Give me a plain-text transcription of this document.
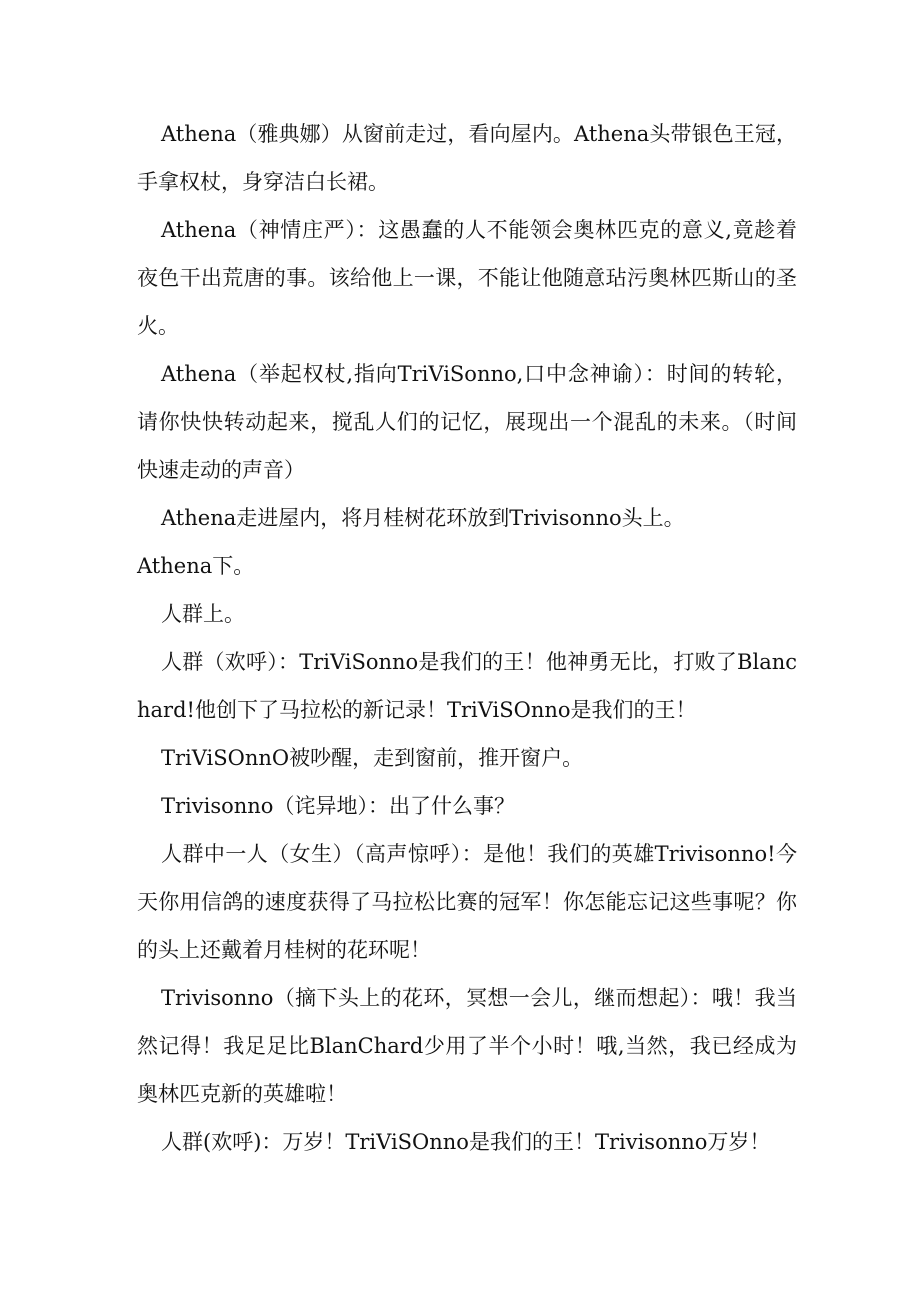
Athena（雅典娜）从窗前走过，看向屋内。Athena头带银色王冠，手拿权杖，身穿洁白长裙。

Athena（神情庄严）：这愚蠢的人不能领会奥林匹克的意义,竟趁着夜色干出荒唐的事。该给他上一课，不能让他随意玷污奥林匹斯山的圣火。

Athena（举起权杖,指向TriViSonno,口中念神谕）：时间的转轮，请你快快转动起来，搅乱人们的记忆，展现出一个混乱的未来。（时间快速走动的声音）

Athena走进屋内，将月桂树花环放到Trivisonno头上。

Athena下。

人群上。

人群（欢呼）：TriViSonno是我们的王！他神勇无比，打败了Blanchard!他创下了马拉松的新记录！TriViSOnno是我们的王！

TriViSOnnO被吵醒，走到窗前，推开窗户。

Trivisonno（诧异地）：出了什么事？

人群中一人（女生）（高声惊呼）：是他！我们的英雄Trivisonno!今天你用信鸽的速度获得了马拉松比赛的冠军！你怎能忘记这些事呢？你的头上还戴着月桂树的花环呢！

Trivisonno（摘下头上的花环，冥想一会儿，继而想起）：哦！我当然记得！我足足比BlanChard少用了半个小时！哦,当然，我已经成为奥林匹克新的英雄啦！

人群(欢呼)：万岁！TriViSOnno是我们的王！Trivisonno万岁！
